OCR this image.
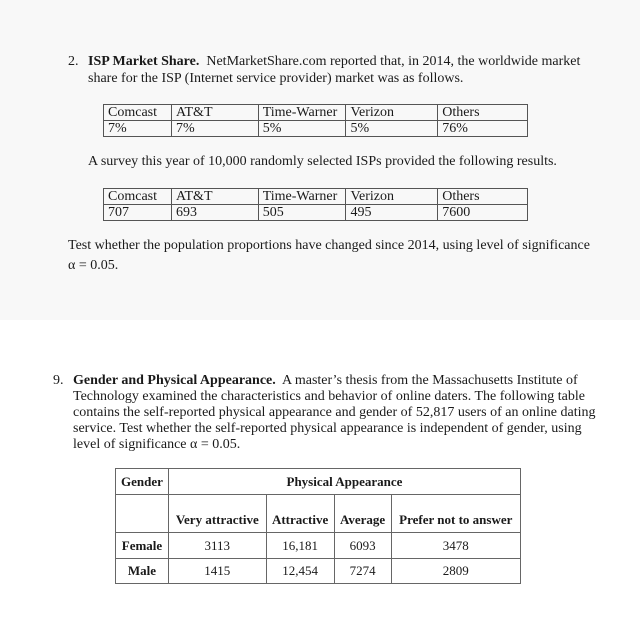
2. ISP Market Share. NetMarketShare.com reported that, in 2014, the worldwide market
share for the ISP (Internet service provider) market was as follows.
Comcast	AT&T	Time-Warner	Verizon	Others
7%	7%	5%	5%	76%
A survey this year of 10,000 randomly selected ISPs provided the following results.
Comcast	AT&T	Time-Warner	Verizon	Others
707	693	505	495	7600
Test whether the population proportions have changed since 2014, using level of significance
α = 0.05.
9. Gender and Physical Appearance. A master’s thesis from the Massachusetts Institute of
Technology examined the characteristics and behavior of online daters. The following table
contains the self-reported physical appearance and gender of 52,817 users of an online dating
service. Test whether the self-reported physical appearance is independent of gender, using
level of significance α = 0.05.
Gender	Physical Appearance			
	Very attractive	Attractive	Average	Prefer not to answer
Female	3113	16,181	6093	3478
Male	1415	12,454	7274	2809
